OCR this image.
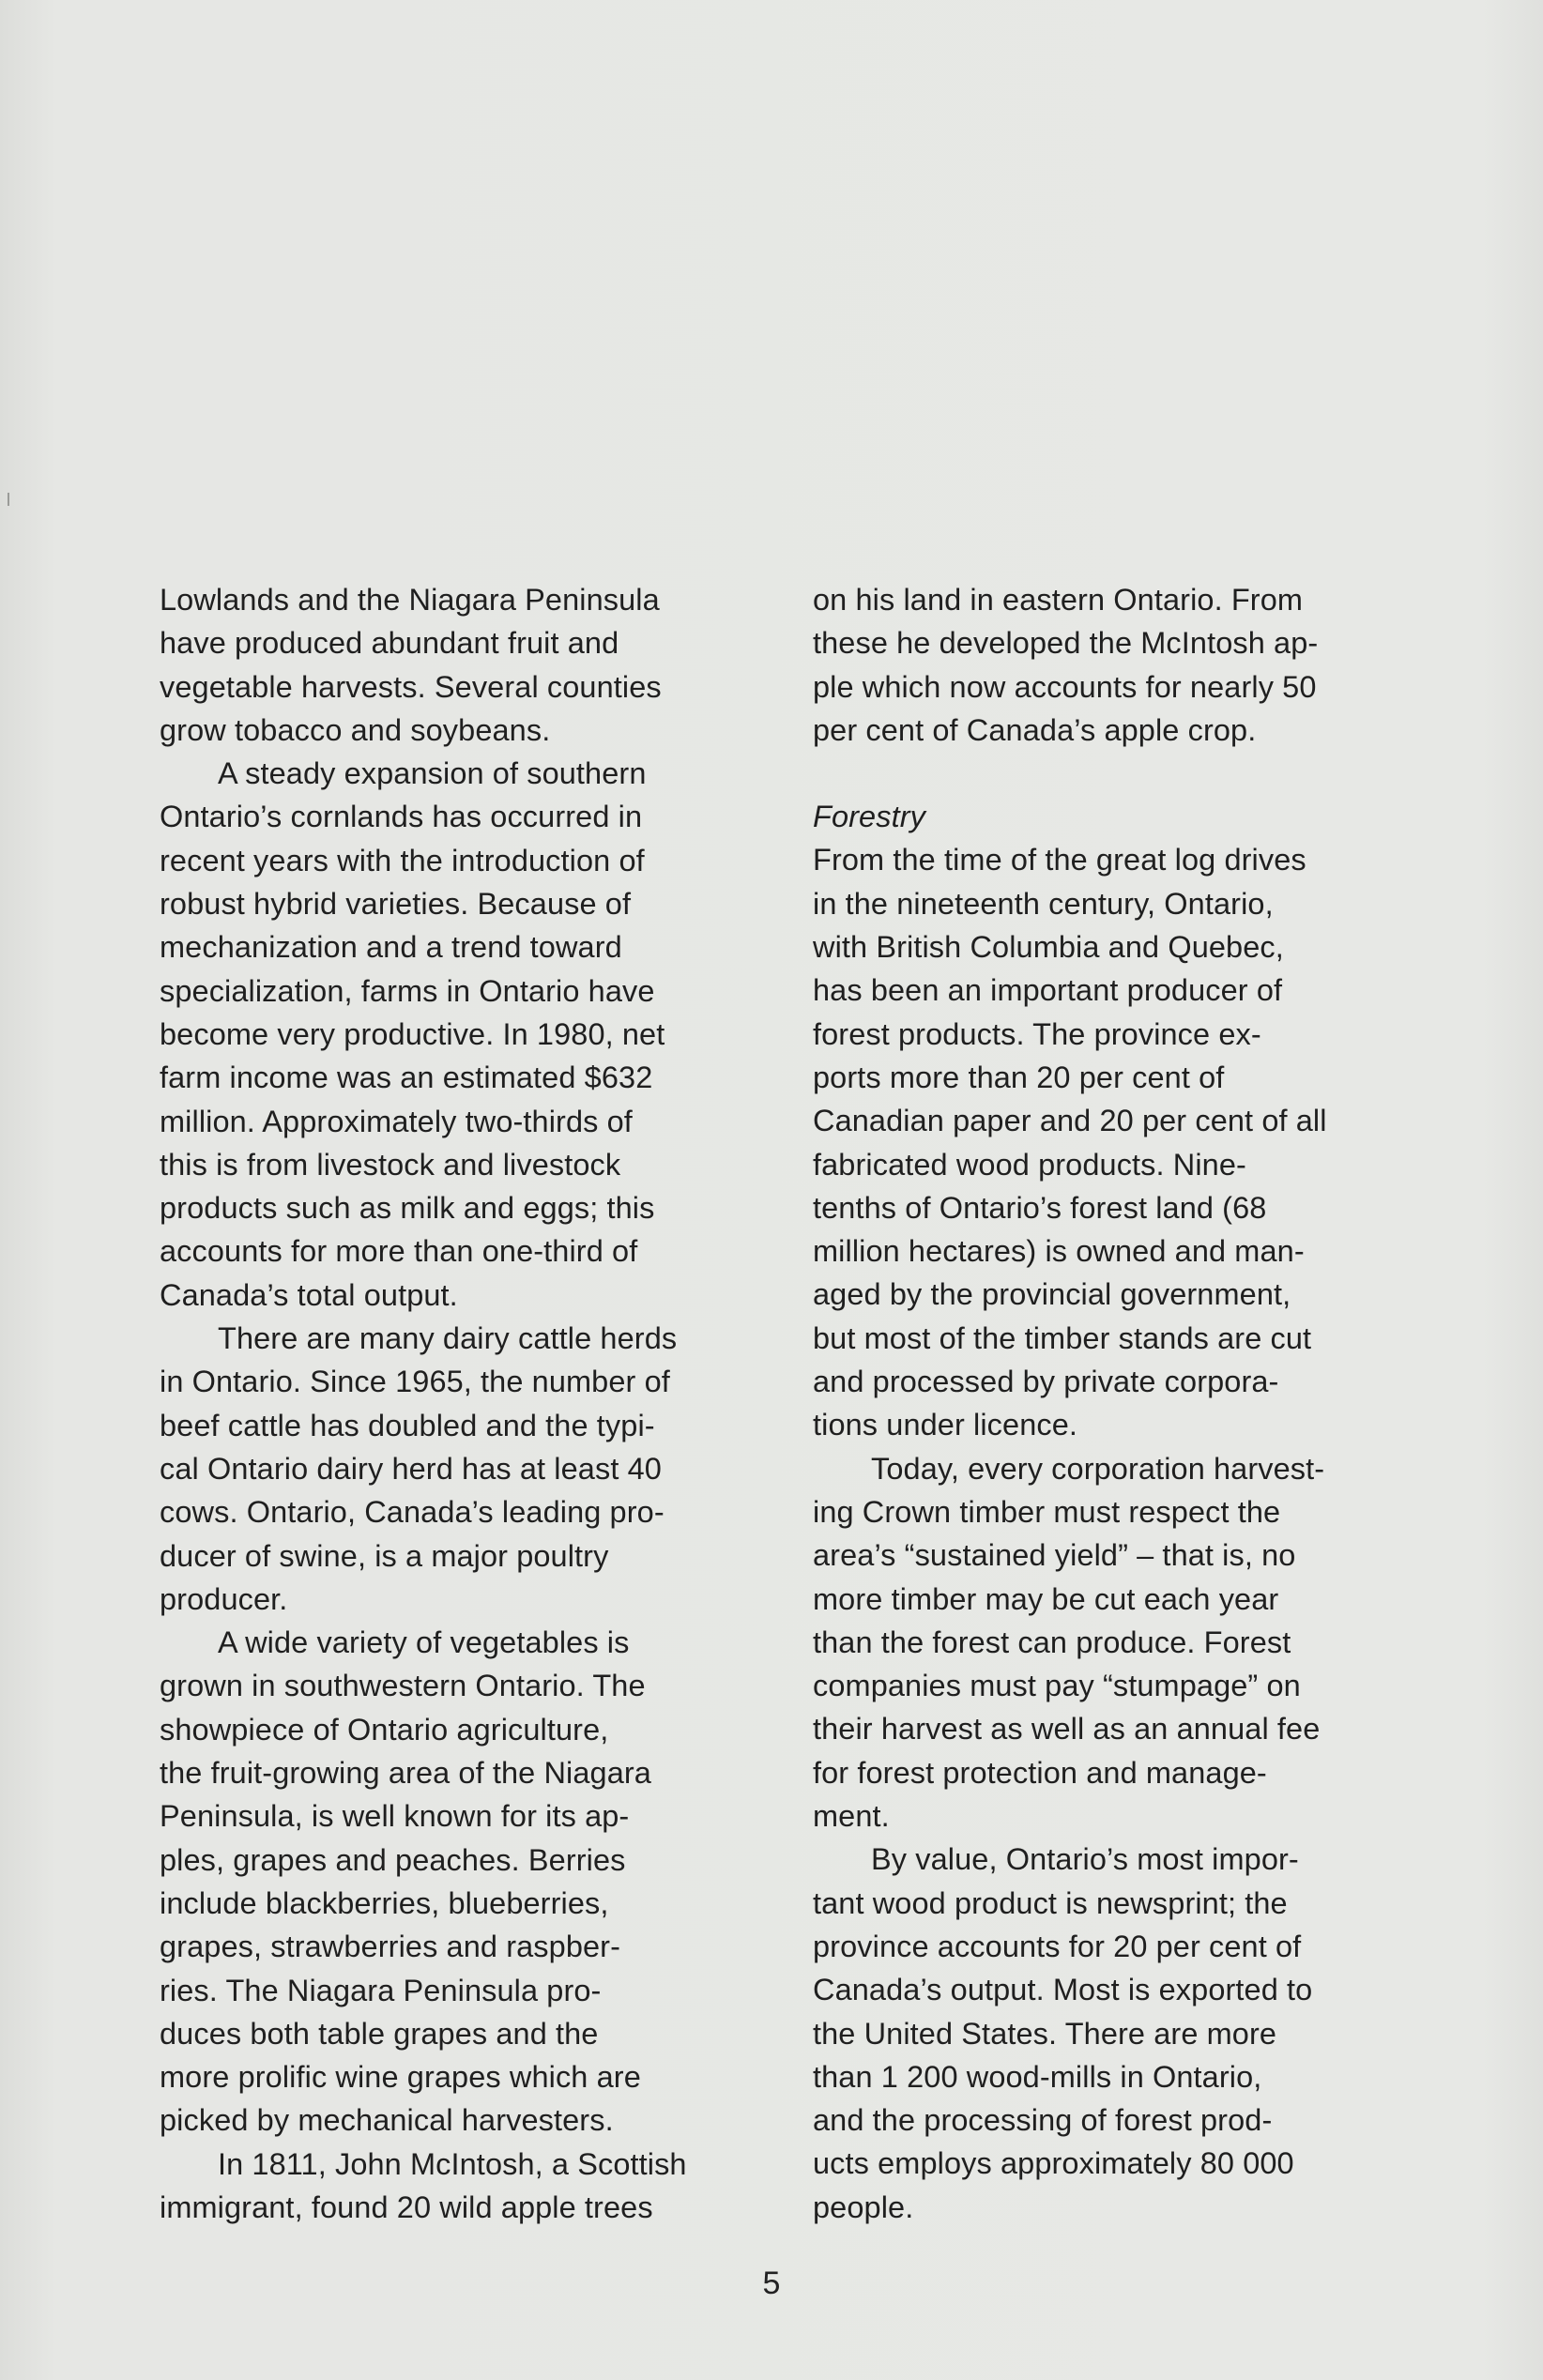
Lowlands and the Niagara Peninsula
have produced abundant fruit and
vegetable harvests. Several counties
grow tobacco and soybeans.

A steady expansion of southern
Ontario’s cornlands has occurred in
recent years with the introduction of
robust hybrid varieties. Because of
mechanization and a trend toward
specialization, farms in Ontario have
become very productive. In 1980, net
farm income was an estimated $632
million. Approximately two-thirds of
this is from livestock and livestock
products such as milk and eggs; this
accounts for more than one-third of
Canada’s total output.

There are many dairy cattle herds
in Ontario. Since 1965, the number of
beef cattle has doubled and the typi-
cal Ontario dairy herd has at least 40
cows. Ontario, Canada’s leading pro-
ducer of swine, is a major poultry
producer.

A wide variety of vegetables is
grown in southwestern Ontario. The
showpiece of Ontario agriculture,
the fruit-growing area of the Niagara
Peninsula, is well known for its ap-
ples, grapes and peaches. Berries
include blackberries, blueberries,
grapes, strawberries and raspber-
ries. The Niagara Peninsula pro-
duces both table grapes and the
more prolific wine grapes which are
picked by mechanical harvesters.

In 1811, John McIntosh, a Scottish
immigrant, found 20 wild apple trees

on his land in eastern Ontario. From
these he developed the McIntosh ap-
ple which now accounts for nearly 50
per cent of Canada’s apple crop.

Forestry

From the time of the great log drives
in the nineteenth century, Ontario,
with British Columbia and Quebec,
has been an important producer of
forest products. The province ex-
ports more than 20 per cent of
Canadian paper and 20 per cent of all
fabricated wood products. Nine-
tenths of Ontario’s forest land (68
million hectares) is owned and man-
aged by the provincial government,
but most of the timber stands are cut
and processed by private corpora-
tions under licence.

Today, every corporation harvest-
ing Crown timber must respect the
area’s “sustained yield” – that is, no
more timber may be cut each year
than the forest can produce. Forest
companies must pay “stumpage” on
their harvest as well as an annual fee
for forest protection and manage-
ment.

By value, Ontario’s most impor-
tant wood product is newsprint; the
province accounts for 20 per cent of
Canada’s output. Most is exported to
the United States. There are more
than 1 200 wood-mills in Ontario,
and the processing of forest prod-
ucts employs approximately 80 000
people.

5
